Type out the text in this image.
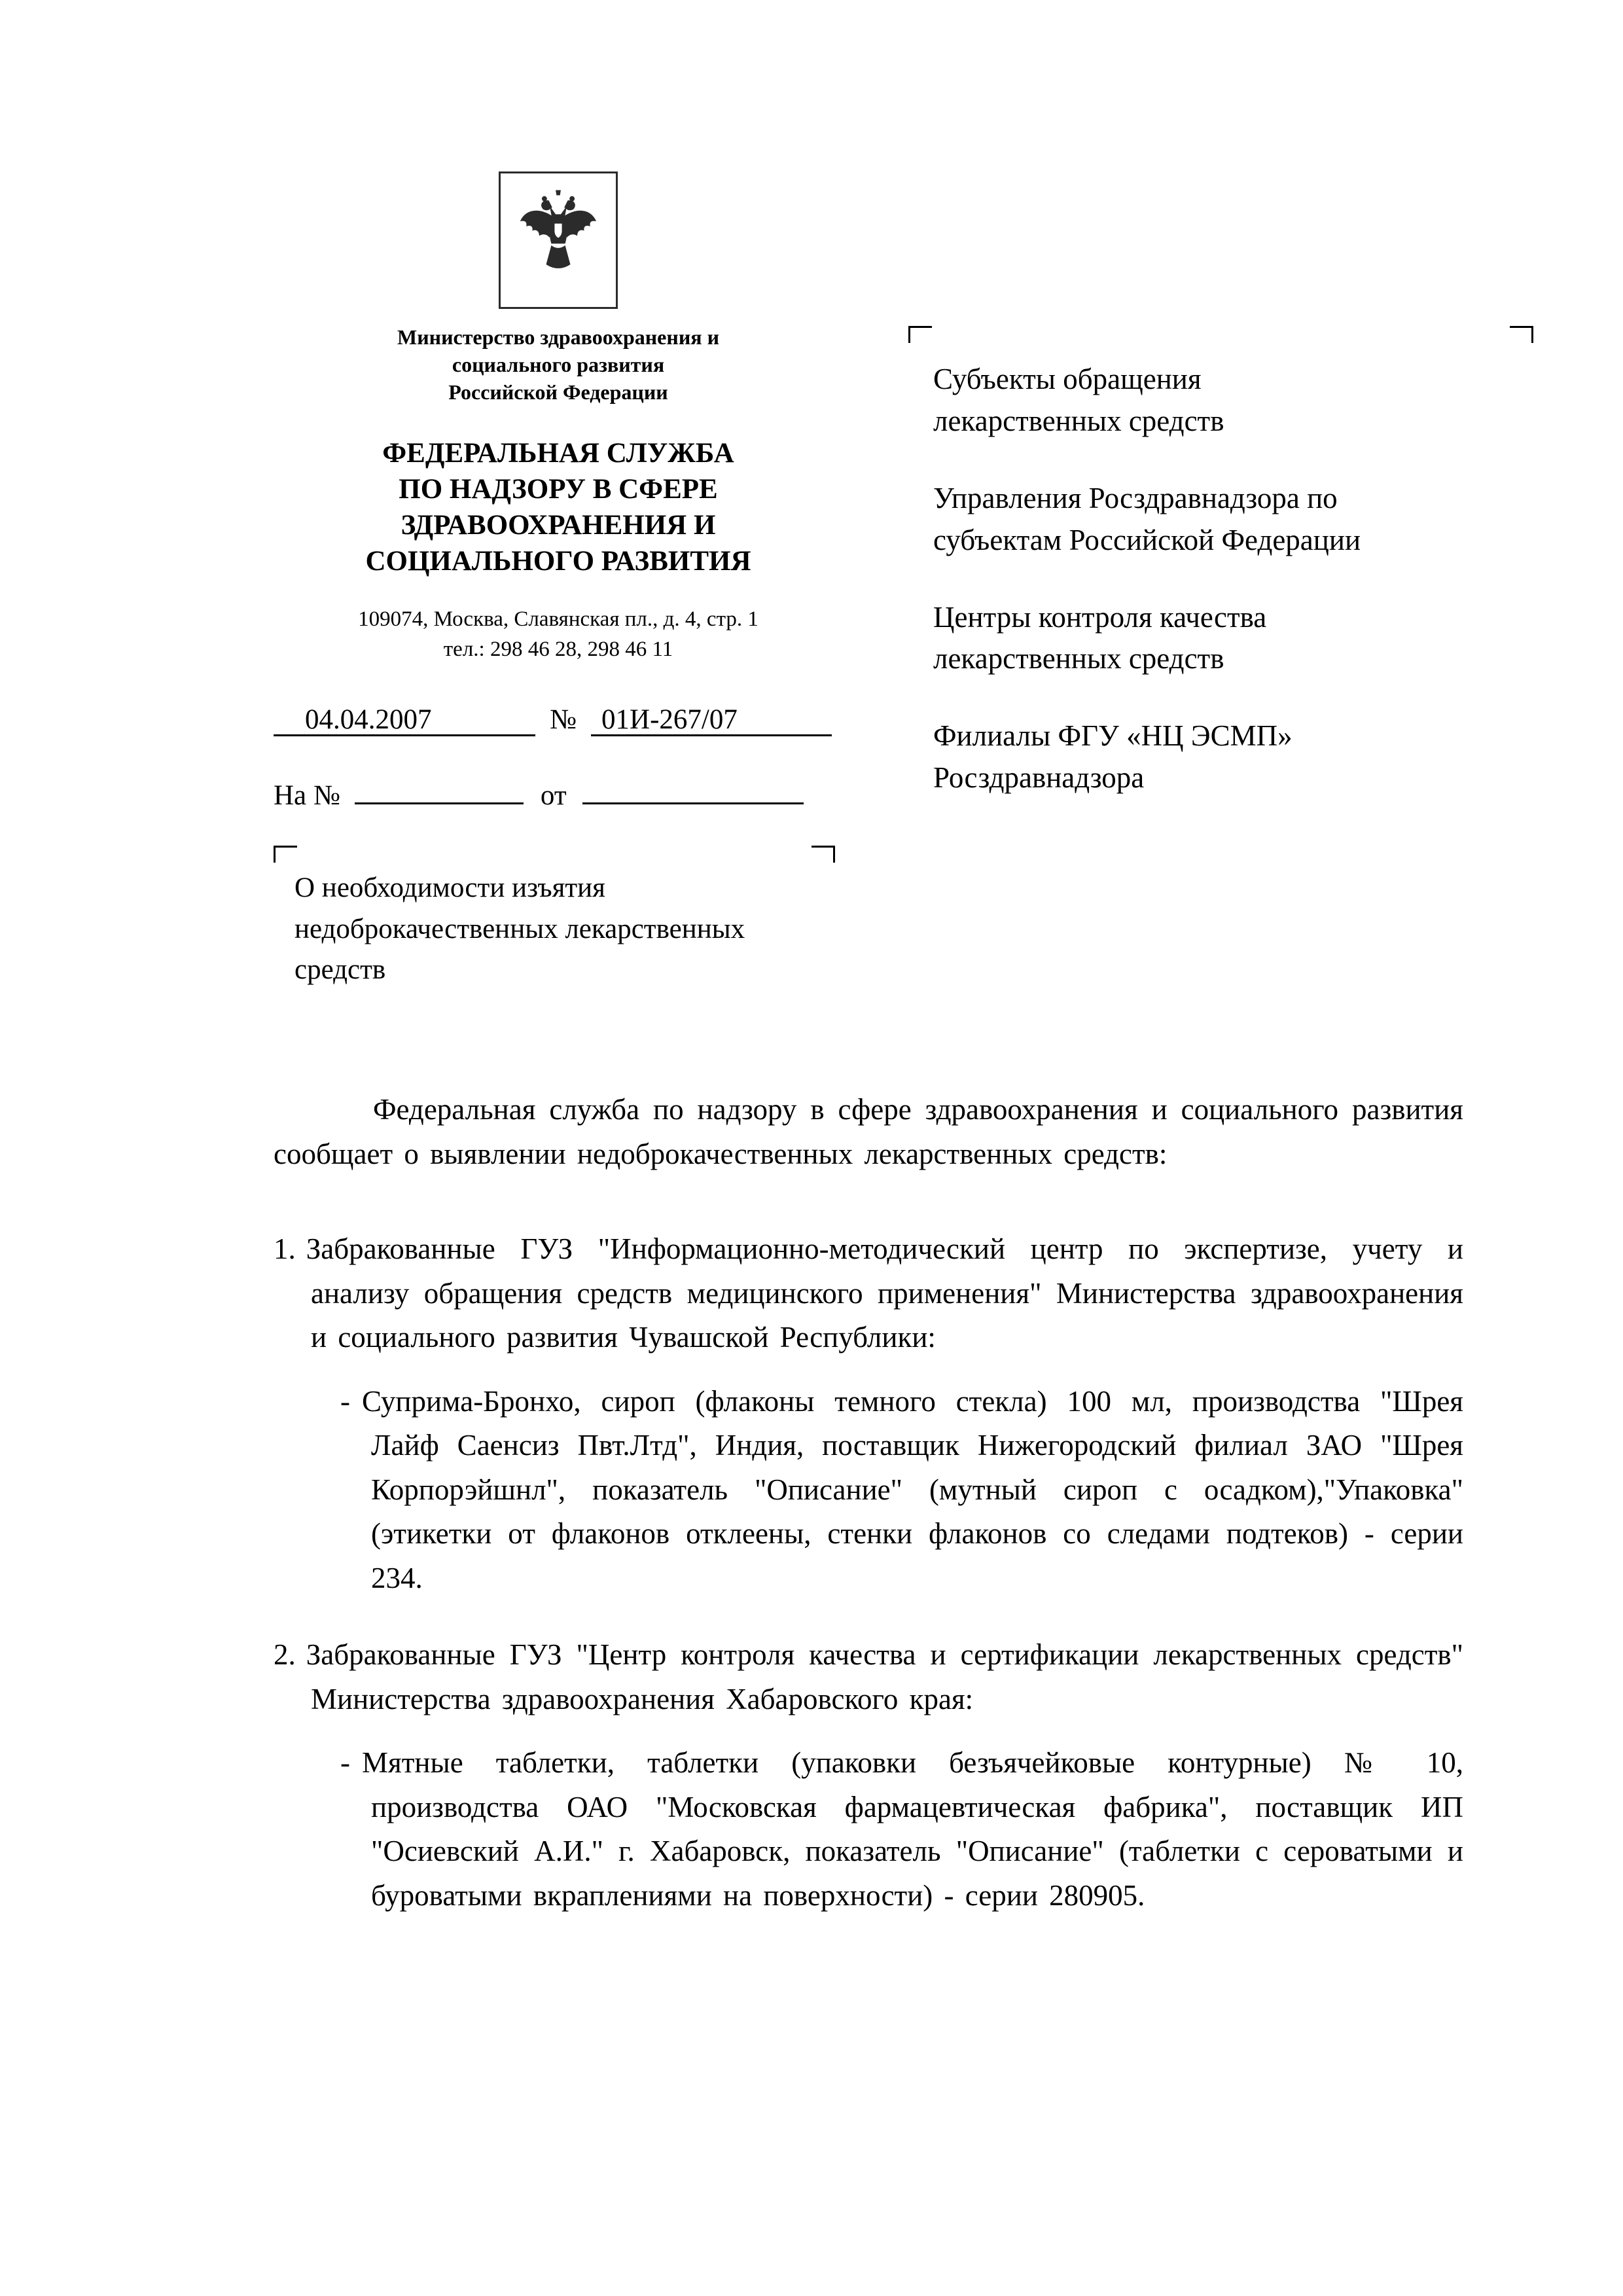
Министерство здравоохранения и
социального развития
Российской Федерации
ФЕДЕРАЛЬНАЯ СЛУЖБА
ПО НАДЗОРУ В СФЕРЕ
ЗДРАВООХРАНЕНИЯ И
СОЦИАЛЬНОГО РАЗВИТИЯ
109074, Москва, Славянская пл., д. 4, стр. 1
тел.: 298 46 28, 298 46 11
04.04.2007	№ 01И-267/07
На №	от
О необходимости изъятия недоброкачественных лекарственных средств
Субъекты обращения
лекарственных средств
Управления Росздравнадзора по
субъектам Российской Федерации
Центры контроля качества
лекарственных средств
Филиалы ФГУ «НЦ ЭСМП»
Росздравнадзора

Федеральная служба по надзору в сфере здравоохранения и социального развития сообщает о выявлении недоброкачественных лекарственных средств:

1. Забракованные ГУЗ "Информационно-методический центр по экспертизе, учету и анализу обращения средств медицинского применения" Министерства здравоохранения и социального развития Чувашской Республики:
- Суприма-Бронхо, сироп (флаконы темного стекла) 100 мл, производства "Шрея Лайф Саенсиз Пвт.Лтд", Индия, поставщик Нижегородский филиал ЗАО "Шрея Корпорэйшнл", показатель "Описание" (мутный сироп с осадком),"Упаковка" (этикетки от флаконов отклеены, стенки флаконов со следами подтеков) - серии 234.
2. Забракованные ГУЗ "Центр контроля качества и сертификации лекарственных средств" Министерства здравоохранения Хабаровского края:
- Мятные таблетки, таблетки (упаковки безъячейковые контурные) № 10, производства ОАО "Московская фармацевтическая фабрика", поставщик ИП "Осиевский А.И." г. Хабаровск, показатель "Описание" (таблетки с сероватыми и буроватыми вкраплениями на поверхности) - серии 280905.
